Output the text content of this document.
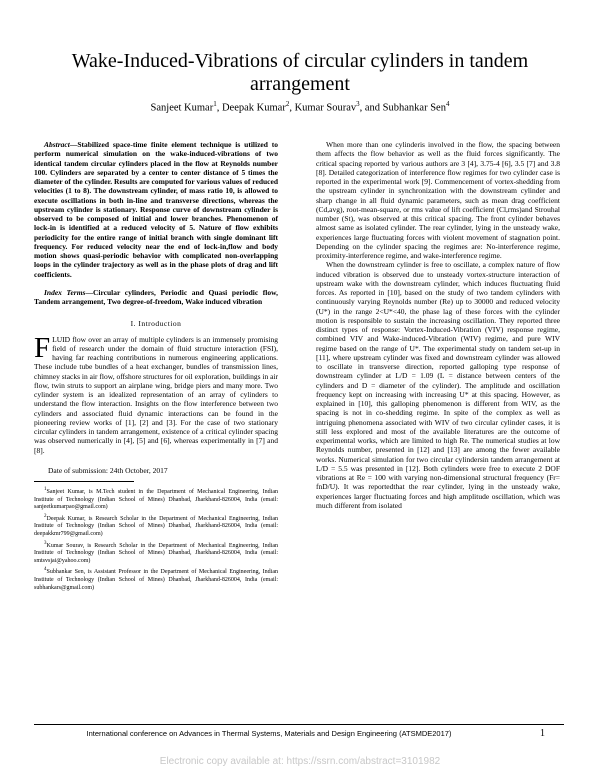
Wake-Induced-Vibrations of circular cylinders in tandem arrangement
Sanjeet Kumar$^1$, Deepak Kumar$^2$, Kumar Sourav$^3$, and Subhankar Sen$^4$

Abstract—Stabilized space-time finite element technique is utilized to perform numerical simulation on the wake-induced-vibrations of two identical tandem circular cylinders placed in the flow at Reynolds number 100. Cylinders are separated by a center to center distance of 5 times the diameter of the cylinder. Results are computed for various values of reduced velocities (1 to 8). The downstream cylinder, of mass ratio 10, is allowed to execute oscillations in both in-line and transverse directions, whereas the upstream cylinder is stationary. Response curve of downstream cylinder is observed to be composed of initial and lower branches. Phenomenon of lock-in is identified at a reduced velocity of 5. Nature of flow exhibits periodicity for the entire range of initial branch with single dominant lift frequency. For reduced velocity near the end of lock-in,flow and body motion shows quasi-periodic behavior with complicated non-overlapping loops in the cylinder trajectory as well as in the phase plots of drag and lift coefficients.

Index Terms—Circular cylinders, Periodic and Quasi periodic flow, Tandem arrangement, Two degree-of-freedom, Wake induced vibration

I. Introduction

FLUID flow over an array of multiple cylinders is an immensely promising field of research under the domain of fluid structure interaction (FSI), having far reaching contributions in numerous engineering applications. These include tube bundles of a heat exchanger, bundles of transmission lines, chimney stacks in air flow, offshore structures for oil exploration, buildings in air flow, twin struts to support an airplane wing, bridge piers and many more. Two cylinder system is an idealized representation of an array of cylinders to understand the flow interaction. Insights on the flow interference between two cylinders and associated fluid dynamic interactions can be found in the pioneering review works of [1], [2] and [3]. For the case of two stationary circular cylinders in tandem arrangement, existence of a critical cylinder spacing was observed numerically in [4], [5] and [6], whereas experimentally in [7] and [8].

Date of submission: 24th October, 2017

$^1$Sanjeet Kumar, is M.Tech student in the Department of Mechanical Engineering, Indian Institute of Technology (Indian School of Mines) Dhanbad, Jharkhand-826004, India (email: sanjeetkumarpao@gmail.com)

$^2$Deepak Kumar, is Research Scholar in the Department of Mechanical Engineering, Indian Institute of Technology (Indian School of Mines) Dhanbad, Jharkhand-826004, India (email: deepakkmr799@gmail.com)

$^3$Kumar Sourav, is Research Scholar in the Department of Mechanical Engineering, Indian Institute of Technology (Indian School of Mines) Dhanbad, Jharkhand-826004, India (email: smtsvsjai@yahoo.com)

$^4$Subhankar Sen, is Assistant Professor in the Department of Mechanical Engineering, Indian Institute of Technology (Indian School of Mines) Dhanbad, Jharkhand-826004, India (email: subhankars@gmail.com)

When more than one cylinderis involved in the flow, the spacing between them affects the flow behavior as well as the fluid forces significantly. The critical spacing reported by various authors are 3 [4], 3.75-4 [6], 3.5 [7] and 3.8 [8]. Detailed categorization of interference flow regimes for two cylinder case is reported in the experimental work [9]. Commencement of vortex-shedding from the upstream cylinder in synchronization with the downstream cylinder and sharp change in all fluid dynamic parameters, such as mean drag coefficient (Cd,avg), root-mean-square, or rms value of lift coefficient (Cl,rms)and Strouhal number (St), was observed at this critical spacing. The front cylinder behaves almost same as isolated cylinder. The rear cylinder, lying in the unsteady wake, experiences large fluctuating forces with violent movement of stagnation point. Depending on the cylinder spacing the regimes are: No-interference regime, proximity-interference regime, and wake-interference regime.

When the downstream cylinder is free to oscillate, a complex nature of flow induced vibration is observed due to unsteady vortex-structure interaction of upstream wake with the downstream cylinder, which induces fluctuating fluid forces. As reported in [10], based on the study of two tandem cylinders with continuously varying Reynolds number (Re) up to 30000 and reduced velocity (U*) in the range 2<U*<40, the phase lag of these forces with the cylinder motion is responsible to sustain the increasing oscillation. They reported three distinct types of response: Vortex-Induced-Vibration (VIV) response regime, combined VIV and Wake-induced-Vibration (WIV) regime, and pure WIV regime based on the range of U*. The experimental study on tandem set-up in [11], where upstream cylinder was fixed and downstream cylinder was allowed to oscillate in transverse direction, reported galloping type response of downstream cylinder at L/D = 1.09 (L = distance between centers of the cylinders and D = diameter of the cylinder). The amplitude and oscillation frequency kept on increasing with increasing U* at this spacing. However, as explained in [10], this galloping phenomenon is different from WIV, as the spacing is not in co-shedding regime. In spite of the complex as well as intriguing phenomena associated with WIV of two circular cylinder cases, it is still less explored and most of the available literatures are the outcome of experimental works, which are limited to high Re. The numerical studies at low Reynolds number, presented in [12] and [13] are among the fewer available works. Numerical simulation for two circular cylindersin tandem arrangement at L/D = 5.5 was presented in [12]. Both cylinders were free to execute 2 DOF vibrations at Re = 100 with varying non-dimensional structural frequency (Fr= fnD/U). It was reportedthat the rear cylinder, lying in the unsteady wake, experiences larger fluctuating forces and high amplitude oscillation, which was much different from isolated

International conference on Advances in Thermal Systems, Materials and Design Engineering (ATSMDE2017)	1
Electronic copy available at: https://ssrn.com/abstract=3101982
